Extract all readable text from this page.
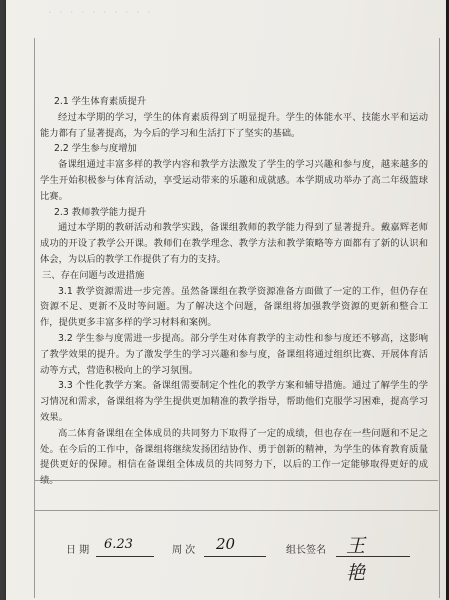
· · · · · · · · · ·

2.1 学生体育素质提升

经过本学期的学习，学生的体育素质得到了明显提升。学生的体能水平、技能水平和运动能力都有了显著提高，为今后的学习和生活打下了坚实的基础。

2.2 学生参与度增加

备课组通过丰富多样的教学内容和教学方法激发了学生的学习兴趣和参与度，越来越多的学生开始积极参与体育活动，享受运动带来的乐趣和成就感。本学期成功举办了高二年级篮球比赛。

2.3 教师教学能力提升

通过本学期的教研活动和教学实践，备课组教师的教学能力得到了显著提升。戴嘉辉老师成功的开设了教学公开课。教师们在教学理念、教学方法和教学策略等方面都有了新的认识和体会，为以后的教学工作提供了有力的支持。

三、存在问题与改进措施

3.1 教学资源需进一步完善。虽然备课组在教学资源准备方面做了一定的工作，但仍存在资源不足、更新不及时等问题。为了解决这个问题，备课组将加强教学资源的更新和整合工作，提供更多丰富多样的学习材料和案例。

3.2 学生参与度需进一步提高。部分学生对体育教学的主动性和参与度还不够高，这影响了教学效果的提升。为了激发学生的学习兴趣和参与度，备课组将通过组织比赛、开展体育活动等方式，营造积极向上的学习氛围。

3.3 个性化教学方案。备课组需要制定个性化的教学方案和辅导措施。通过了解学生的学习情况和需求，备课组将为学生提供更加精准的教学指导，帮助他们克服学习困难，提高学习效果。

高二体育备课组在全体成员的共同努力下取得了一定的成绩，但也存在一些问题和不足之处。在今后的工作中，备课组将继续发扬团结协作、勇于创新的精神，为学生的体育教育质量提供更好的保障。相信在备课组全体成员的共同努力下，以后的工作一定能够取得更好的成绩。

日 期 6.23	周 次 20	组长签名 王艳
